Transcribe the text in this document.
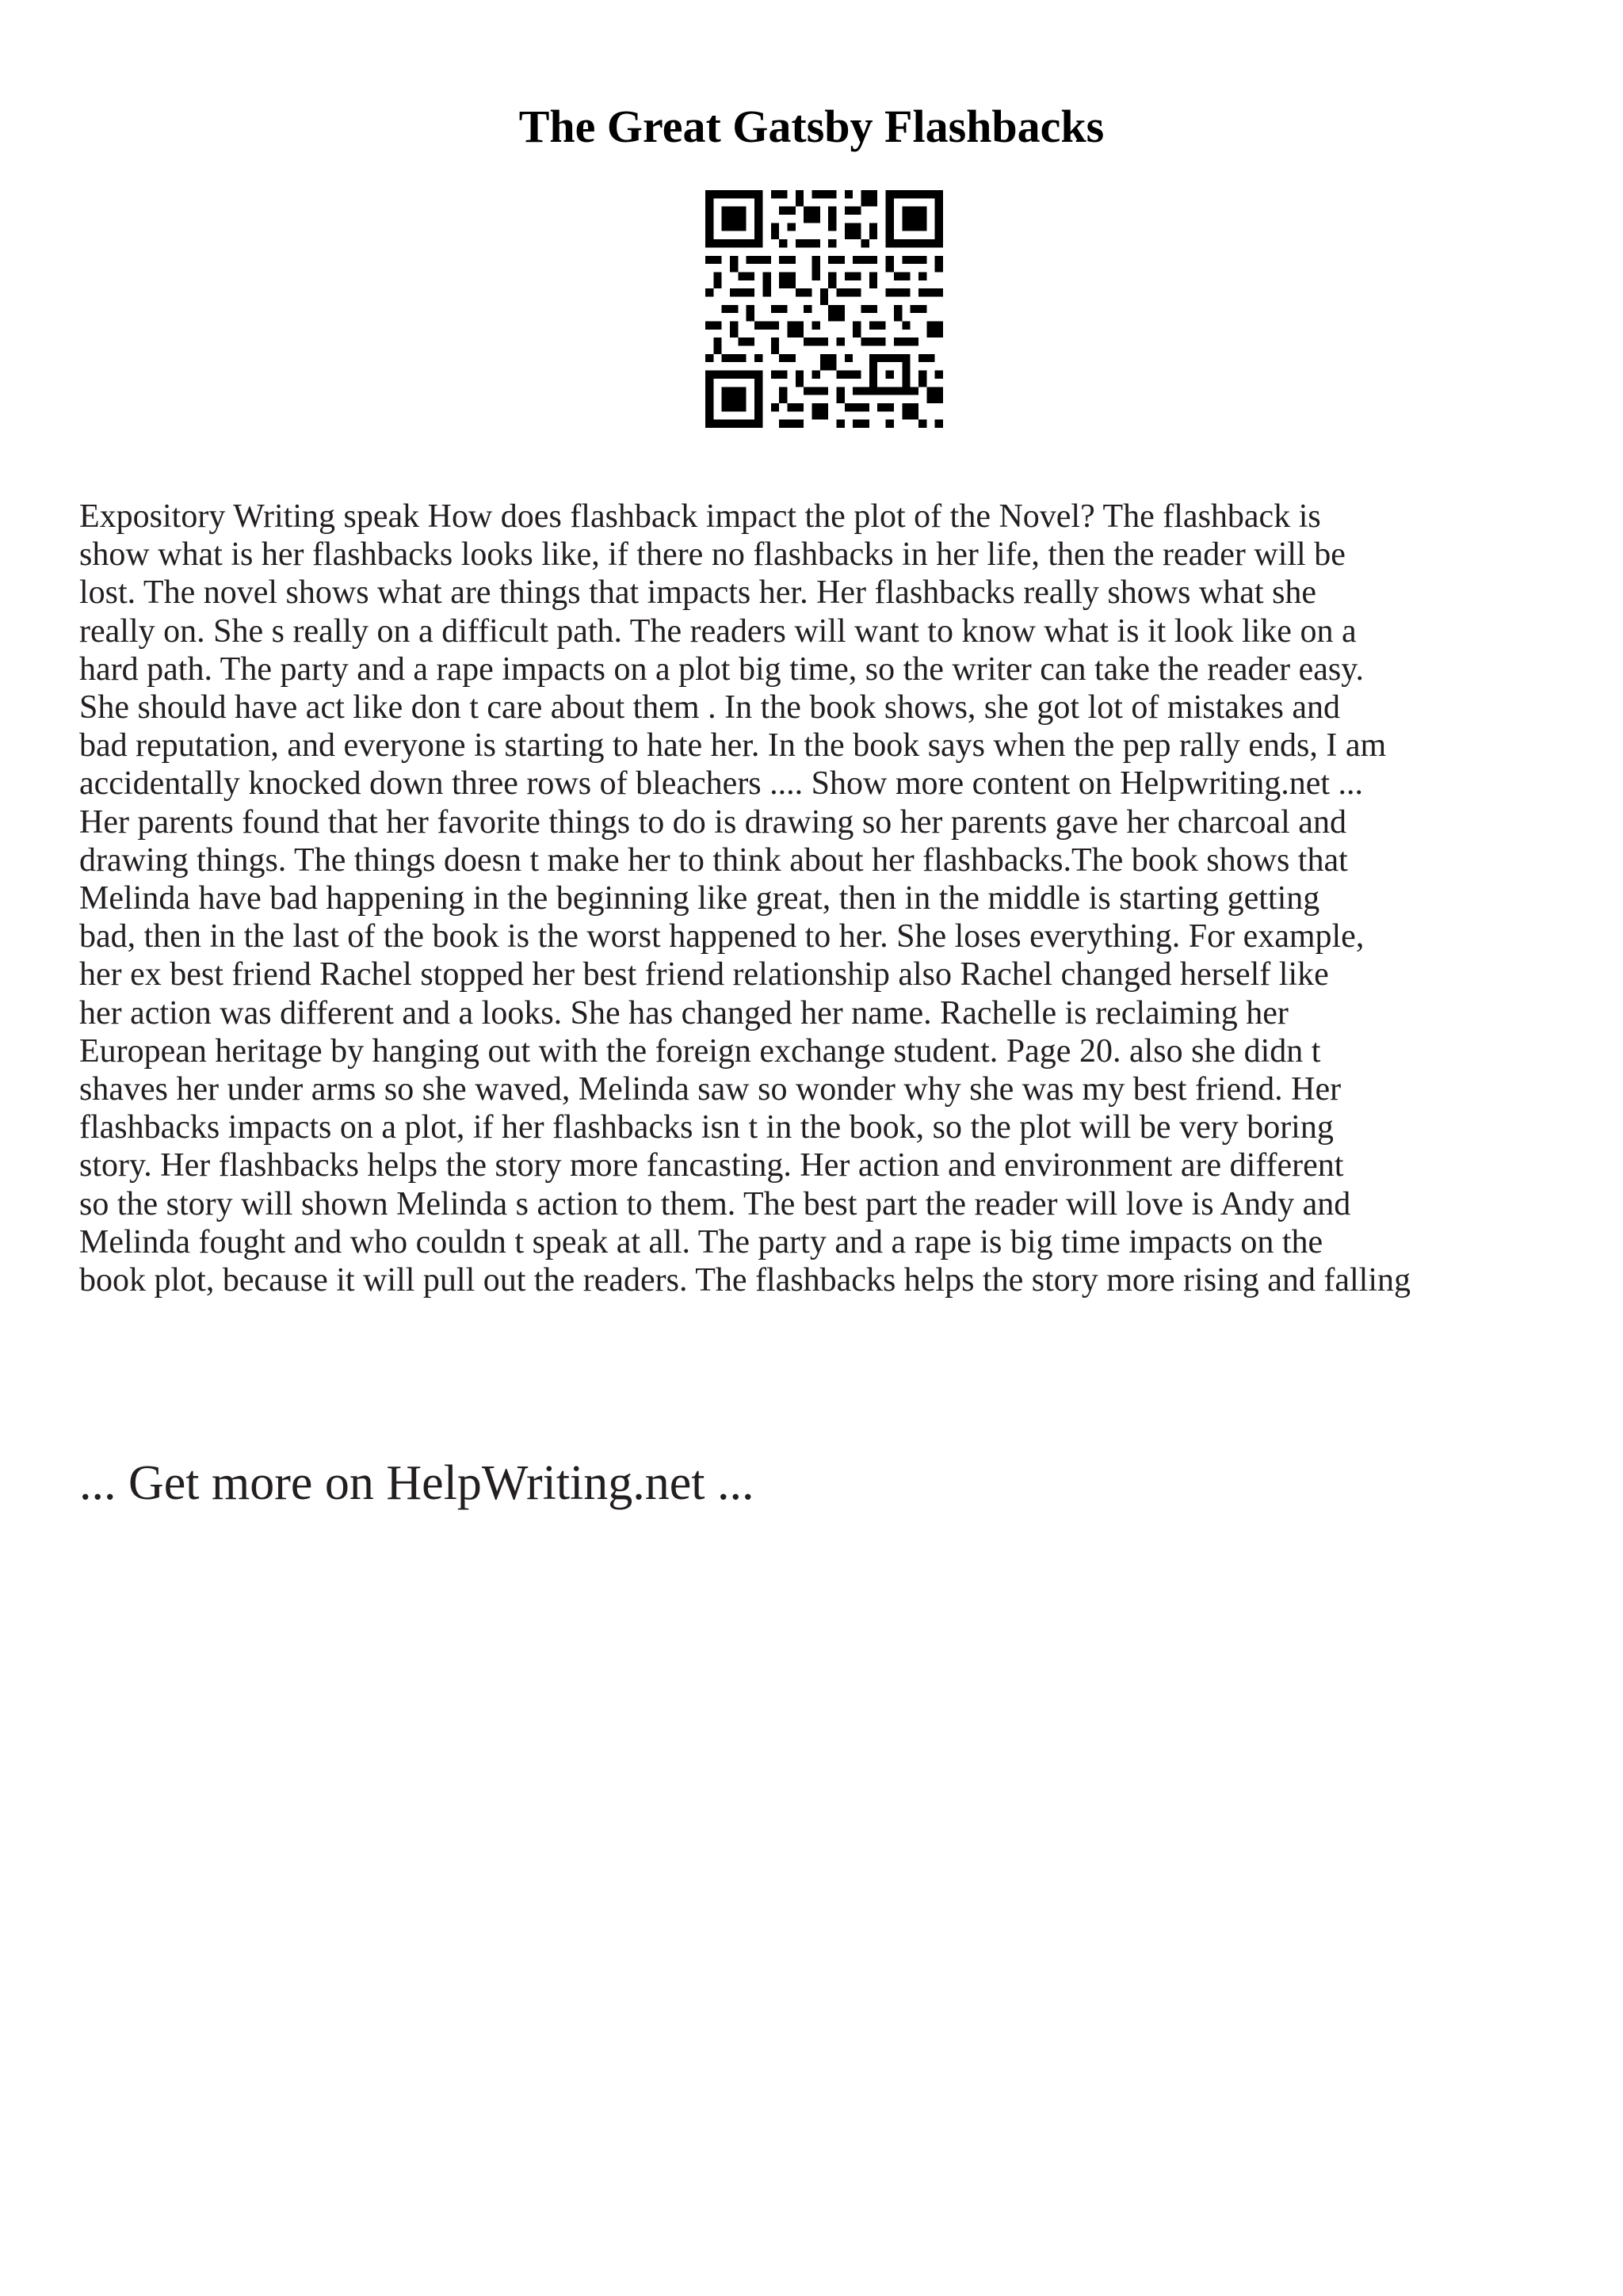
The Great Gatsby Flashbacks
Expository Writing speak How does flashback impact the plot of the Novel? The flashback is
show what is her flashbacks looks like, if there no flashbacks in her life, then the reader will be
lost. The novel shows what are things that impacts her. Her flashbacks really shows what she
really on. She s really on a difficult path. The readers will want to know what is it look like on a
hard path. The party and a rape impacts on a plot big time, so the writer can take the reader easy.
She should have act like don t care about them . In the book shows, she got lot of mistakes and
bad reputation, and everyone is starting to hate her. In the book says when the pep rally ends, I am
accidentally knocked down three rows of bleachers .... Show more content on Helpwriting.net ...
Her parents found that her favorite things to do is drawing so her parents gave her charcoal and
drawing things. The things doesn t make her to think about her flashbacks.The book shows that
Melinda have bad happening in the beginning like great, then in the middle is starting getting
bad, then in the last of the book is the worst happened to her. She loses everything. For example,
her ex best friend Rachel stopped her best friend relationship also Rachel changed herself like
her action was different and a looks. She has changed her name. Rachelle is reclaiming her
European heritage by hanging out with the foreign exchange student. Page 20. also she didn t
shaves her under arms so she waved, Melinda saw so wonder why she was my best friend. Her
flashbacks impacts on a plot, if her flashbacks isn t in the book, so the plot will be very boring
story. Her flashbacks helps the story more fancasting. Her action and environment are different
so the story will shown Melinda s action to them. The best part the reader will love is Andy and
Melinda fought and who couldn t speak at all. The party and a rape is big time impacts on the
book plot, because it will pull out the readers. The flashbacks helps the story more rising and falling

... Get more on HelpWriting.net ...
